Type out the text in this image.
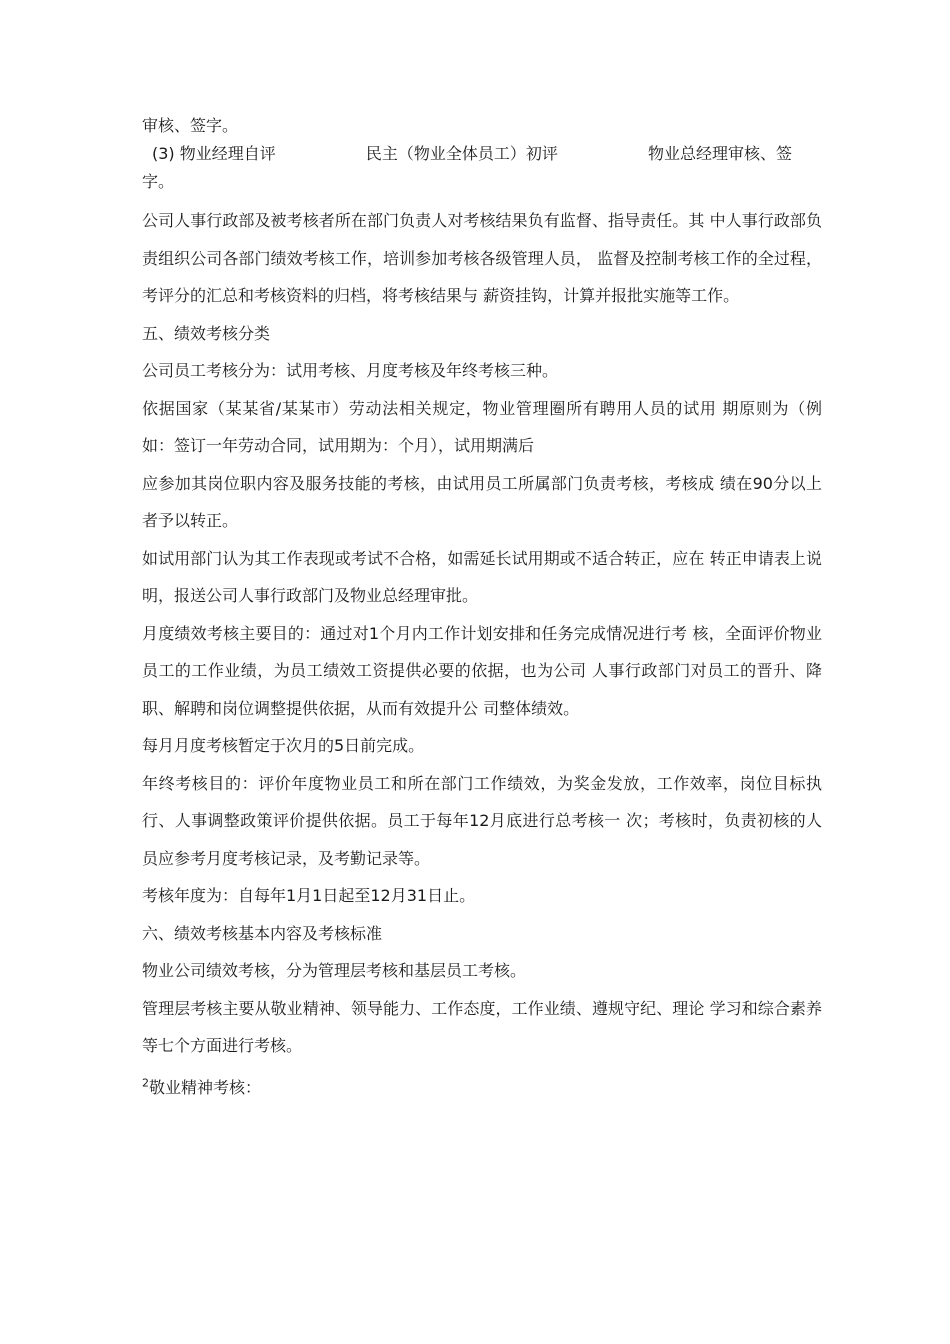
审核、签字。

(3) 物业经理自评	民主（物业全体员工）初评	物业总经理审核、签

字。

公司人事行政部及被考核者所在部门负责人对考核结果负有监督、指导责任。其 中人事行政部负责组织公司各部门绩效考核工作，培训参加考核各级管理人员， 监督及控制考核工作的全过程，考评分的汇总和考核资料的归档，将考核结果与 薪资挂钩，计算并报批实施等工作。

五、绩效考核分类

公司员工考核分为：试用考核、月度考核及年终考核三种。

依据国家（某某省/某某市）劳动法相关规定，物业管理圈所有聘用人员的试用 期原则为（例如：签订一年劳动合同，试用期为：个月），试用期满后

应参加其岗位职内容及服务技能的考核，由试用员工所属部门负责考核，考核成 绩在90分以上者予以转正。

如试用部门认为其工作表现或考试不合格，如需延长试用期或不适合转正，应在 转正申请表上说明，报送公司人事行政部门及物业总经理审批。

月度绩效考核主要目的：通过对1个月内工作计划安排和任务完成情况进行考 核，全面评价物业员工的工作业绩，为员工绩效工资提供必要的依据，也为公司 人事行政部门对员工的晋升、降职、解聘和岗位调整提供依据，从而有效提升公 司整体绩效。

每月月度考核暂定于次月的5日前完成。

年终考核目的：评价年度物业员工和所在部门工作绩效，为奖金发放，工作效率，岗位目标执行、人事调整政策评价提供依据。员工于每年12月底进行总考核一 次；考核时，负责初核的人员应参考月度考核记录，及考勤记录等。

考核年度为：自每年1月1日起至12月31日止。

六、绩效考核基本内容及考核标准

物业公司绩效考核，分为管理层考核和基层员工考核。

管理层考核主要从敬业精神、领导能力、工作态度，工作业绩、遵规守纪、理论 学习和综合素养等七个方面进行考核。

$^2$敬业精神考核：
